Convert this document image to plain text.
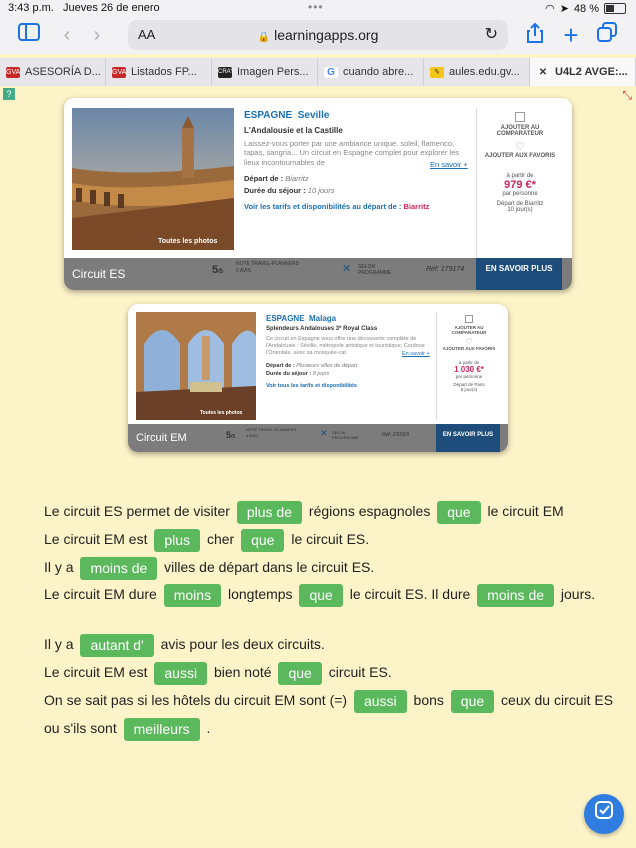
3:43 p.m. Jueves 26 de enero	•••	◠ ➤ 48 %
‹	›	AA	🔒 learningapps.org	↻	+
GVA ASESORÍA D... GVA Listados FP...	CRAY Imagen Pers...	G cuando abre...	✎ aules.edu.gv... ✕ U4L2 AVGE:...
?	⤡
Toutes les photos
ESPAGNE Seville
L'Andalousie et la Castille
Laissez-vous porter par une ambiance unique. soleil, flamenco, tapas, sangria... Un circuit en Espagne complet pour explorer les lieux incontournables de	En savoir +
Départ de : Biarritz
Durée du séjour : 10 jours
Voir les tarifs et disponibilités au départ de : Biarritz
AJOUTER AU COMPARATEUR
♡
AJOUTER AUX FAVORIS
à partir de
979 €*
par personne
Départ de Biarritz
10 jour(s)
Circuit ES	5/5
NOTE TRAVEL-PLANNERS
5 AVIS	✕ SELON PROGRAMME	Réf: 179174	EN SAVOIR PLUS
Toutes les photos
ESPAGNE Malaga
Splendeurs Andalouses 3* Royal Class
Ce circuit en Espagne vous offre une découverte complète de l'Andalousie : Séville, métropole artistique et touristique; Cordoue l'Orientale, avec sa mosquée-cat	En savoir +
Départ de : Plusieurs villes de départ
Durée du séjour : 8 jours
Voir tous les tarifs et disponibilités
AJOUTER AU COMPARATEUR
♡
AJOUTER AUX FAVORIS
à partir de
1 030 €*
par personne
Départ de Paris
8 jour(s)
Circuit EM	5/5
NOTE TRAVEL-PLANNERS
5 AVIS	✕ SELON PROGRAMME	Réf: 230029	EN SAVOIR PLUS
Le circuit ES permet de visiter plus de régions espagnoles que le circuit EM
Le circuit EM est plus cher que le circuit ES.
Il y a moins de villes de départ dans le circuit ES.
Le circuit EM dure moins longtemps que le circuit ES. Il dure moins de jours.
Il y a autant d' avis pour les deux circuits.
Le circuit EM est aussi bien noté que circuit ES.
On se sait pas si les hôtels du circuit EM sont (=) aussi bons que ceux du circuit ES ou s'ils sont meilleurs .
